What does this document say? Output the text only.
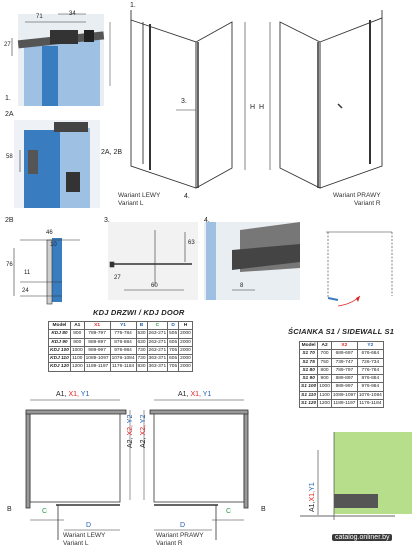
1.
71	34
27
2A
58
1.
2A, 2B
3.
4.
H H
Wariant LEWY
Variant L
Wariant PRAWY
Variant R
2B
46
10
76
11
24
3.
63
27
60
4.
8
KDJ DRZWI / KDJ DOOR
Model	A1	X1	Y1	B	C	D	H
KDJ 80	800	789-797	776-784	530	263-271	505	2000
KDJ 90	900	889-897	876-884	630	263-271	605	2000
KDJ 100	1000	989-997	976-984	730	263-271	705	2000
KDJ 110	1100	1089-1097	1076-1084	730	363-371	605	2000
KDJ 120	1200	1189-1197	1176-1184	830	363-371	705	2000
ŚCIANKA S1 / SIDEWALL S1
Model	A2	X2	Y2
S1 70	700	689-697	676-684
S1 75	750	739-747	726-734
S1 80	800	789-797	776-784
S1 90	900	889-897	876-884
S1 100	1000	989-997	976-984
S1 110	1100	1089-1097	1076-1084
S1 120	1200	1189-1197	1176-1184
A1, X1, Y1
A2, X2, Y2
B	C
D
Wariant LEWY
Variant L
A1, X1, Y1
A2, X2, Y2
B
C
D
Wariant PRAWY
Variant R
A1,X1,Y1
catalog.onliner.by
